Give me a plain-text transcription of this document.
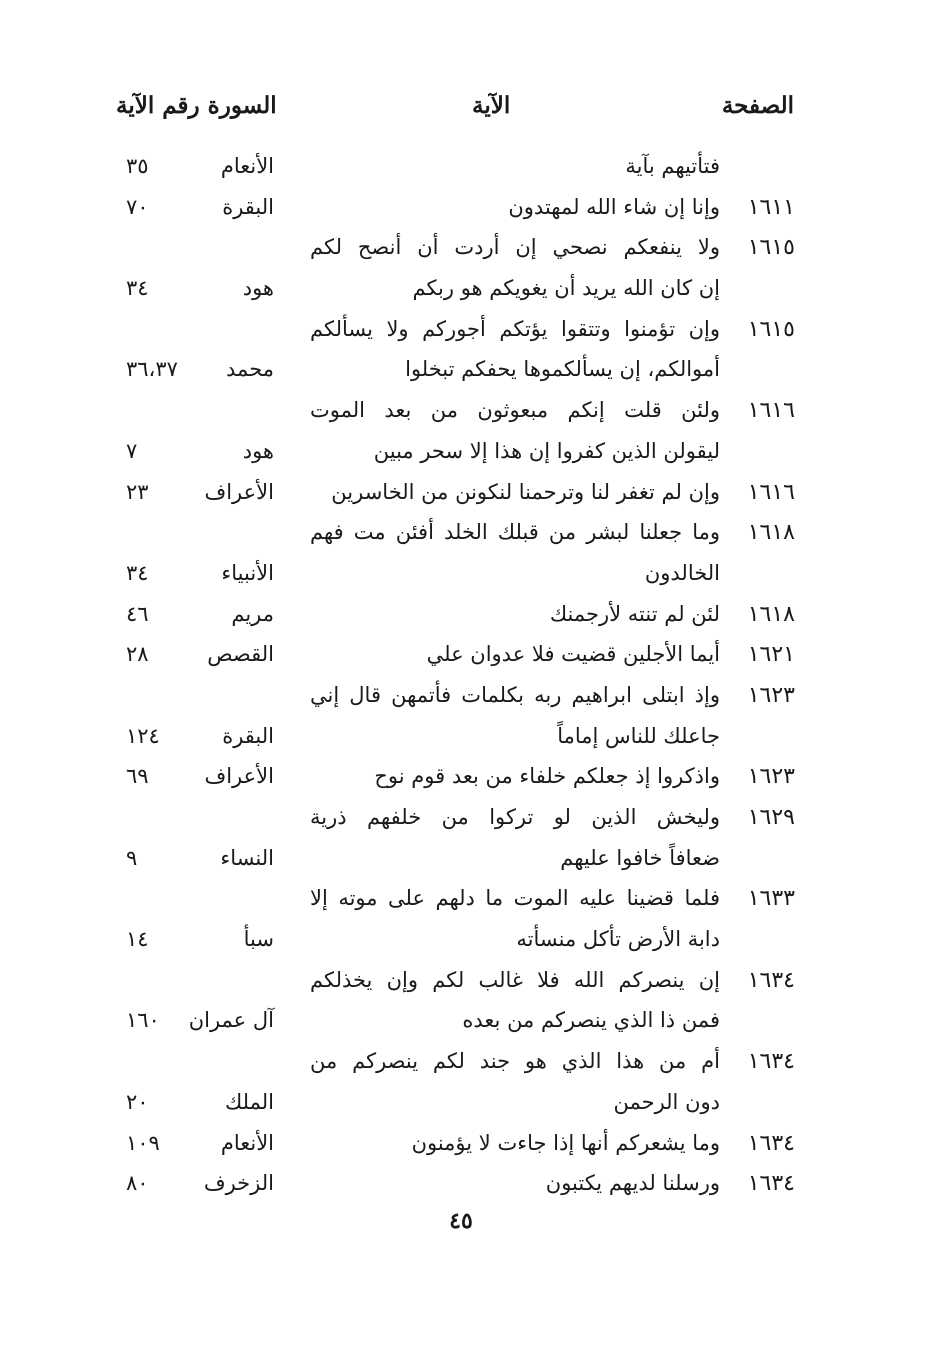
الصفحة
الآية
السورة رقم الآية
فتأتيهم بآية
الأنعام
٣٥
١٦١١
وإنا إن شاء الله لمهتدون
البقرة
٧٠
١٦١٥
ولا ينفعكم نصحي إن أردت أن أنصح لكم
إن كان الله يريد أن يغويكم هو ربكم
هود
٣٤
١٦١٥
وإن تؤمنوا وتتقوا يؤتكم أجوركم ولا يسألكم
أموالكم، إن يسألكموها يحفكم تبخلوا
محمد
٣٦،٣٧
١٦١٦
ولئن قلت إنكم مبعوثون من بعد الموت
ليقولن الذين كفروا إن هذا إلا سحر مبين
هود
٧
١٦١٦
وإن لم تغفر لنا وترحمنا لنكونن من الخاسرين
الأعراف
٢٣
١٦١٨
وما جعلنا لبشر من قبلك الخلد أفئن مت فهم
الخالدون
الأنبياء
٣٤
١٦١٨
لئن لم تنته لأرجمنك
مريم
٤٦
١٦٢١
أيما الأجلين قضيت فلا عدوان علي
القصص
٢٨
١٦٢٣
وإذ ابتلى ابراهيم ربه بكلمات فأتمهن قال إني
جاعلك للناس إماماً
البقرة
١٢٤
١٦٢٣
واذكروا إذ جعلكم خلفاء من بعد قوم نوح
الأعراف
٦٩
١٦٢٩
وليخش الذين لو تركوا من خلفهم ذرية
ضعافاً خافوا عليهم
النساء
٩
١٦٣٣
فلما قضينا عليه الموت ما دلهم على موته إلا
دابة الأرض تأكل منسأته
سبأ
١٤
١٦٣٤
إن ينصركم الله فلا غالب لكم وإن يخذلكم
فمن ذا الذي ينصركم من بعده
آل عمران
١٦٠
١٦٣٤
أم من هذا الذي هو جند لكم ينصركم من
دون الرحمن
الملك
٢٠
١٦٣٤
وما يشعركم أنها إذا جاءت لا يؤمنون
الأنعام
١٠٩
١٦٣٤
ورسلنا لديهم يكتبون
الزخرف
٨٠
٤٥
